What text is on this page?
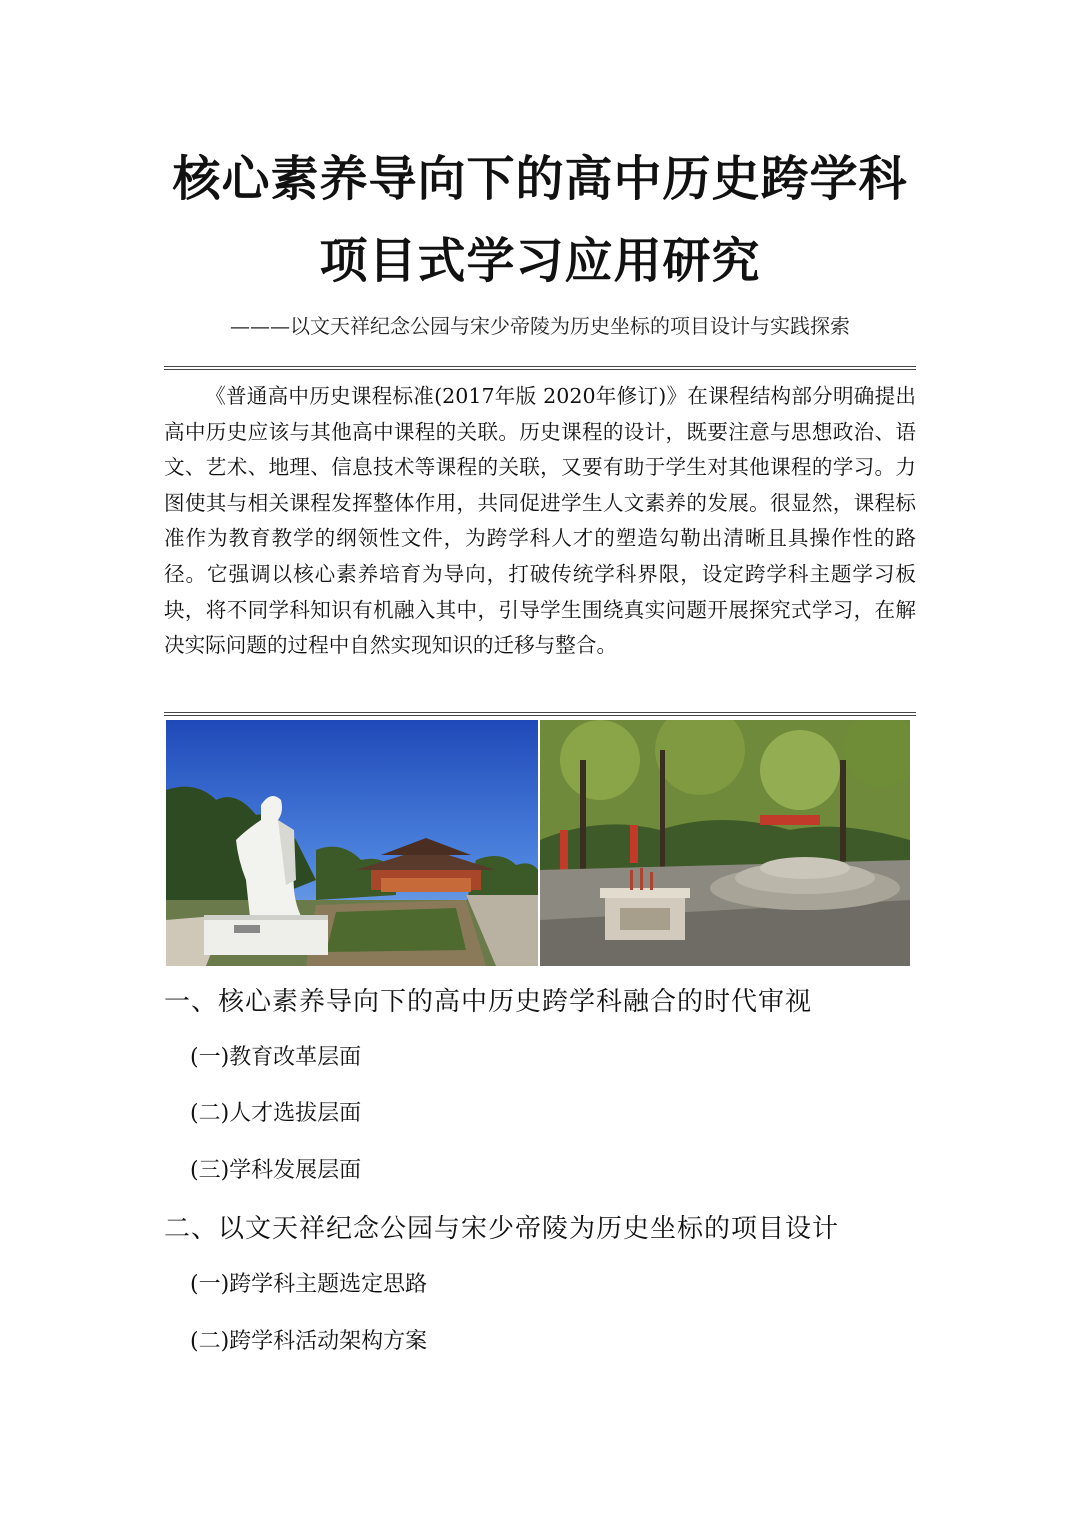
核心素养导向下的高中历史跨学科
项目式学习应用研究
———以文天祥纪念公园与宋少帝陵为历史坐标的项目设计与实践探索

《普通高中历史课程标准(2017年版 2020年修订)》在课程结构部分明确提出高中历史应该与其他高中课程的关联。历史课程的设计，既要注意与思想政治、语文、艺术、地理、信息技术等课程的关联，又要有助于学生对其他课程的学习。力图使其与相关课程发挥整体作用，共同促进学生人文素养的发展。很显然，课程标准作为教育教学的纲领性文件，为跨学科人才的塑造勾勒出清晰且具操作性的路径。它强调以核心素养培育为导向，打破传统学科界限，设定跨学科主题学习板块，将不同学科知识有机融入其中，引导学生围绕真实问题开展探究式学习，在解决实际问题的过程中自然实现知识的迁移与整合。

一、核心素养导向下的高中历史跨学科融合的时代审视
(一)教育改革层面
(二)人才选拔层面
(三)学科发展层面
二、以文天祥纪念公园与宋少帝陵为历史坐标的项目设计
(一)跨学科主题选定思路
(二)跨学科活动架构方案
